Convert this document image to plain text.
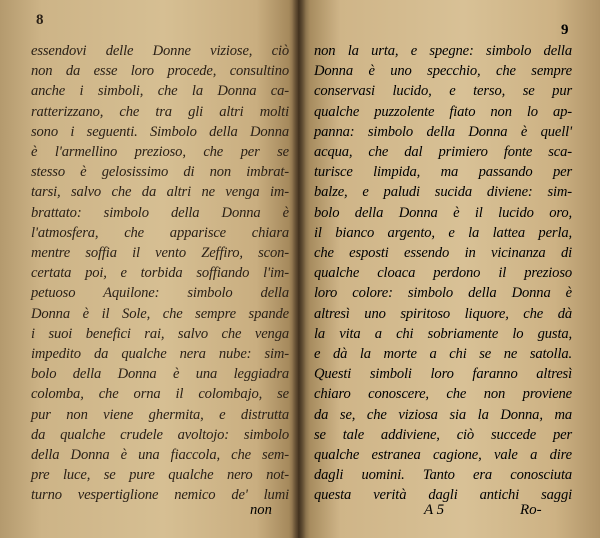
8
essendovi delle Donne viziose, ciò
non da esse loro procede, consultino
anche i simboli, che la Donna ca-
ratterizzano, che tra gli altri molti
sono i seguenti. Simbolo della Donna
è l'armellino prezioso, che per se
stesso è gelosissimo di non imbrat-
tarsi, salvo che da altri ne venga im-
brattato: simbolo della Donna è
l'atmosfera, che apparisce chiara
mentre soffia il vento Zeffiro, scon-
certata poi, e torbida soffiando l'im-
petuoso Aquilone: simbolo della
Donna è il Sole, che sempre spande
i suoi benefici rai, salvo che venga
impedito da qualche nera nube: sim-
bolo della Donna è una leggiadra
colomba, che orna il colombajo, se
pur non viene ghermita, e distrutta
da qualche crudele avoltojo: simbolo
della Donna è una fiaccola, che sem-
pre luce, se pure qualche nero not-
turno vespertiglione nemico de' lumi
9
non la urta, e spegne: simbolo della
Donna è uno specchio, che sempre
conservasi lucido, e terso, se pur
qualche puzzolente fiato non lo ap-
panna: simbolo della Donna è quell'
acqua, che dal primiero fonte sca-
turisce limpida, ma passando per
balze, e paludi sucida diviene: sim-
bolo della Donna è il lucido oro,
il bianco argento, e la lattea perla,
che esposti essendo in vicinanza di
qualche cloaca perdono il prezioso
loro colore: simbolo della Donna è
altresì uno spiritoso liquore, che dà
la vita a chi sobriamente lo gusta,
e dà la morte a chi se ne satolla.
Questi simboli loro faranno altresì
chiaro conoscere, che non proviene
da se, che viziosa sia la Donna, ma
se tale addiviene, ciò succede per
qualche estranea cagione, vale a dire
dagli uomini. Tanto era conosciuta
questa verità dagli antichi saggi
non	A 5	Ro-
